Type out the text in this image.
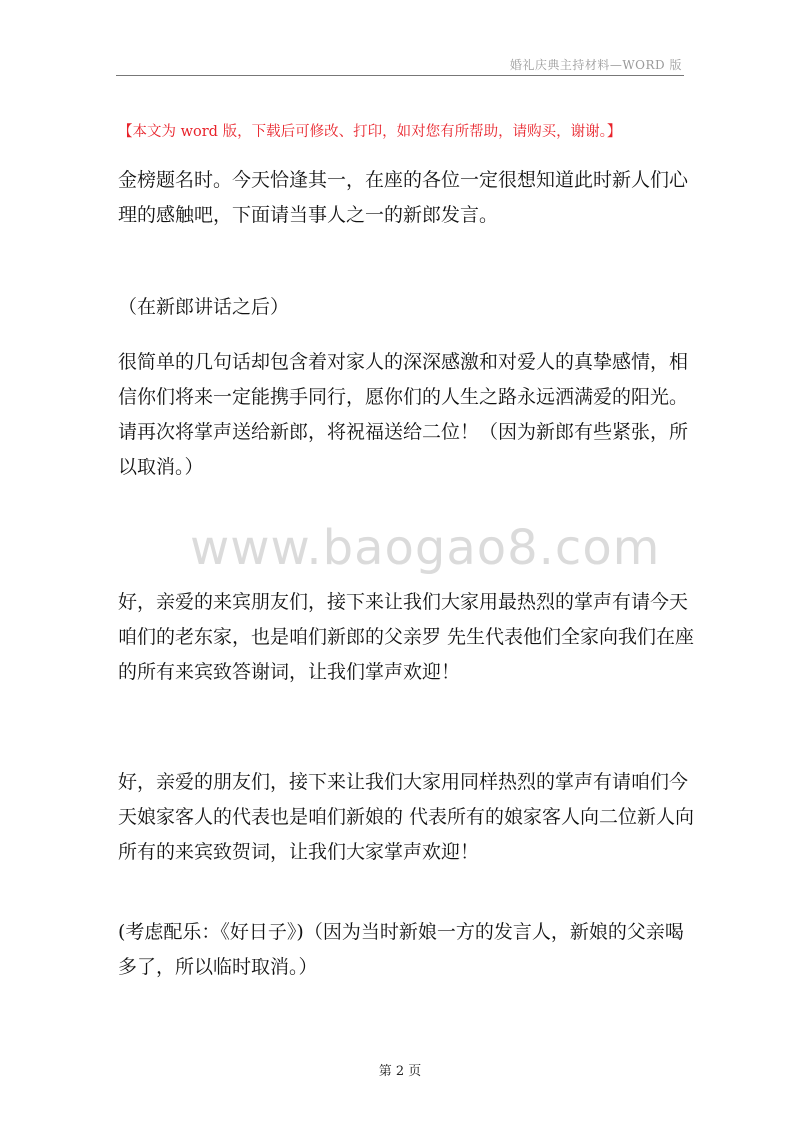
婚礼庆典主持材料—WORD 版
【本文为 word 版，下载后可修改、打印，如对您有所帮助，请购买，谢谢。】

金榜题名时。今天恰逢其一，在座的各位一定很想知道此时新人们心理的感触吧，下面请当事人之一的新郎发言。

（在新郎讲话之后）

很简单的几句话却包含着对家人的深深感激和对爱人的真挚感情，相信你们将来一定能携手同行，愿你们的人生之路永远洒满爱的阳光。请再次将掌声送给新郎，将祝福送给二位！（因为新郎有些紧张，所以取消。）

www.baogao8.com

好，亲爱的来宾朋友们，接下来让我们大家用最热烈的掌声有请今天咱们的老东家，也是咱们新郎的父亲罗 先生代表他们全家向我们在座的所有来宾致答谢词，让我们掌声欢迎！

好，亲爱的朋友们，接下来让我们大家用同样热烈的掌声有请咱们今天娘家客人的代表也是咱们新娘的 代表所有的娘家客人向二位新人向所有的来宾致贺词，让我们大家掌声欢迎！

(考虑配乐：《好日子》)（因为当时新娘一方的发言人，新娘的父亲喝多了，所以临时取消。）

第 2 页
